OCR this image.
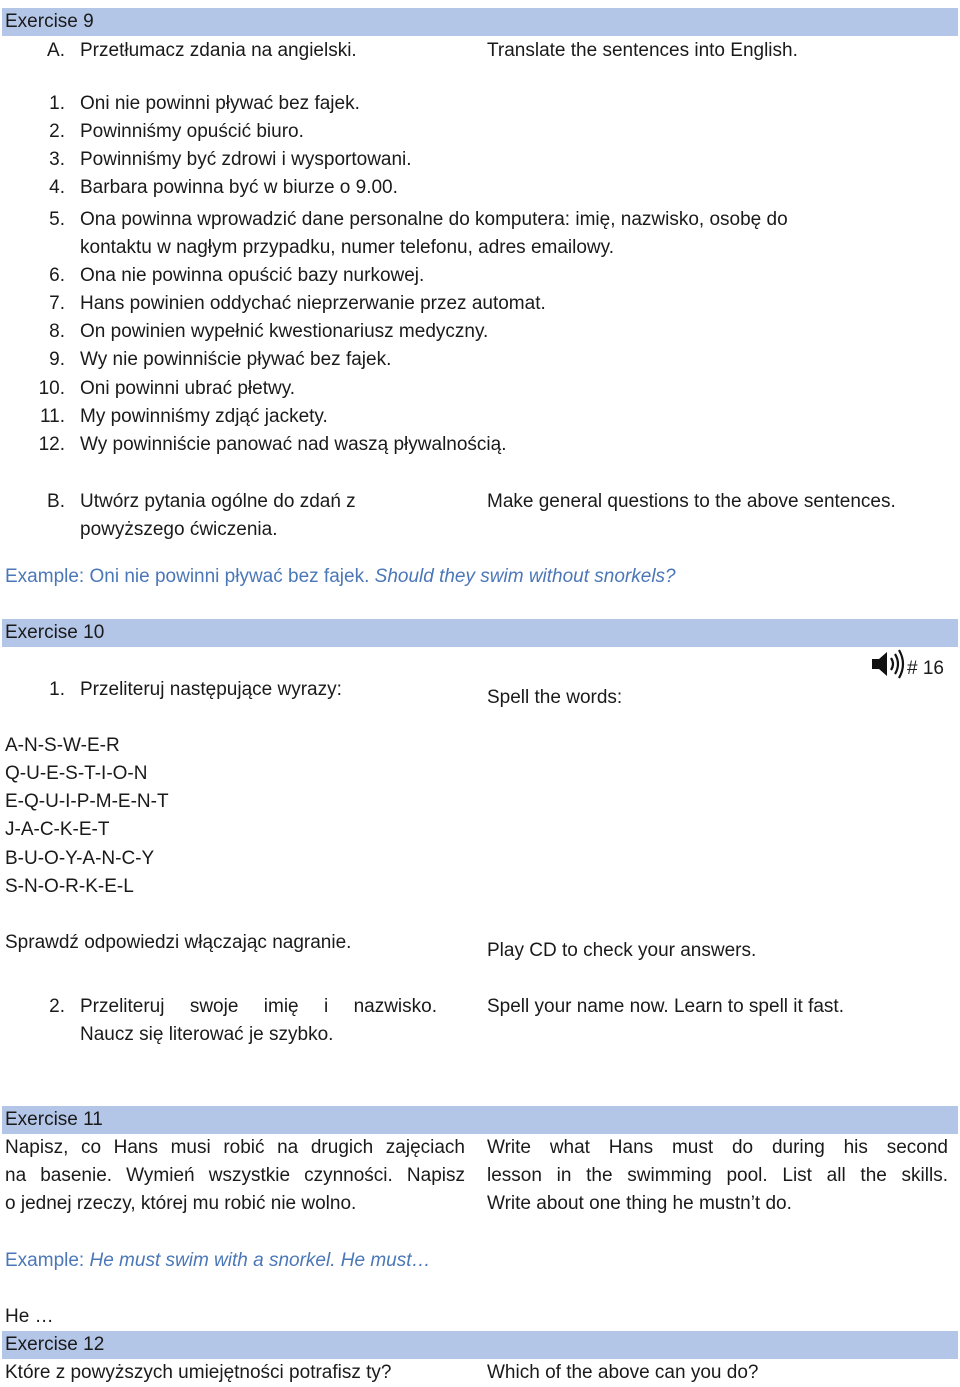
Exercise 9
A. Przetłumacz zdania na angielski.	Translate the sentences into English.
1. Oni nie powinni pływać bez fajek.
2. Powinniśmy opuścić biuro.
3. Powinniśmy być zdrowi i wysportowani.
4. Barbara powinna być w biurze o 9.00.
5. Ona powinna wprowadzić dane personalne do komputera: imię, nazwisko, osobę do
kontaktu w nagłym przypadku, numer telefonu, adres emailowy.
6. Ona nie powinna opuścić bazy nurkowej.
7. Hans powinien oddychać nieprzerwanie przez automat.
8. On powinien wypełnić kwestionariusz medyczny.
9. Wy nie powinniście pływać bez fajek.
10. Oni powinni ubrać płetwy.
11. My powinniśmy zdjąć jackety.
12. Wy powinniście panować nad waszą pływalnością.
B. Utwórz pytania ogólne do zdań z
powyższego ćwiczenia.
Make general questions to the above sentences.
Example: Oni nie powinni pływać bez fajek. Should they swim without snorkels?
Exercise 10
# 16
1. Przeliteruj następujące wyrazy:	Spell the words:
A-N-S-W-E-R
Q-U-E-S-T-I-O-N
E-Q-U-I-P-M-E-N-T
J-A-C-K-E-T
B-U-O-Y-A-N-C-Y
S-N-O-R-K-E-L
Sprawdź odpowiedzi włączając nagranie.	Play CD to check your answers.
2. Przeliteruj swoje imię i nazwisko.
Naucz się literować je szybko.
Spell your name now. Learn to spell it fast.
Exercise 11
Napisz, co Hans musi robić na drugich zajęciach
na basenie. Wymień wszystkie czynności. Napisz
o jednej rzeczy, której mu robić nie wolno.
Write what Hans must do during his second
lesson in the swimming pool. List all the skills.
Write about one thing he mustn’t do.
Example: He must swim with a snorkel. He must…
He …
Exercise 12
Które z powyższych umiejętności potrafisz ty?	Which of the above can you do?
